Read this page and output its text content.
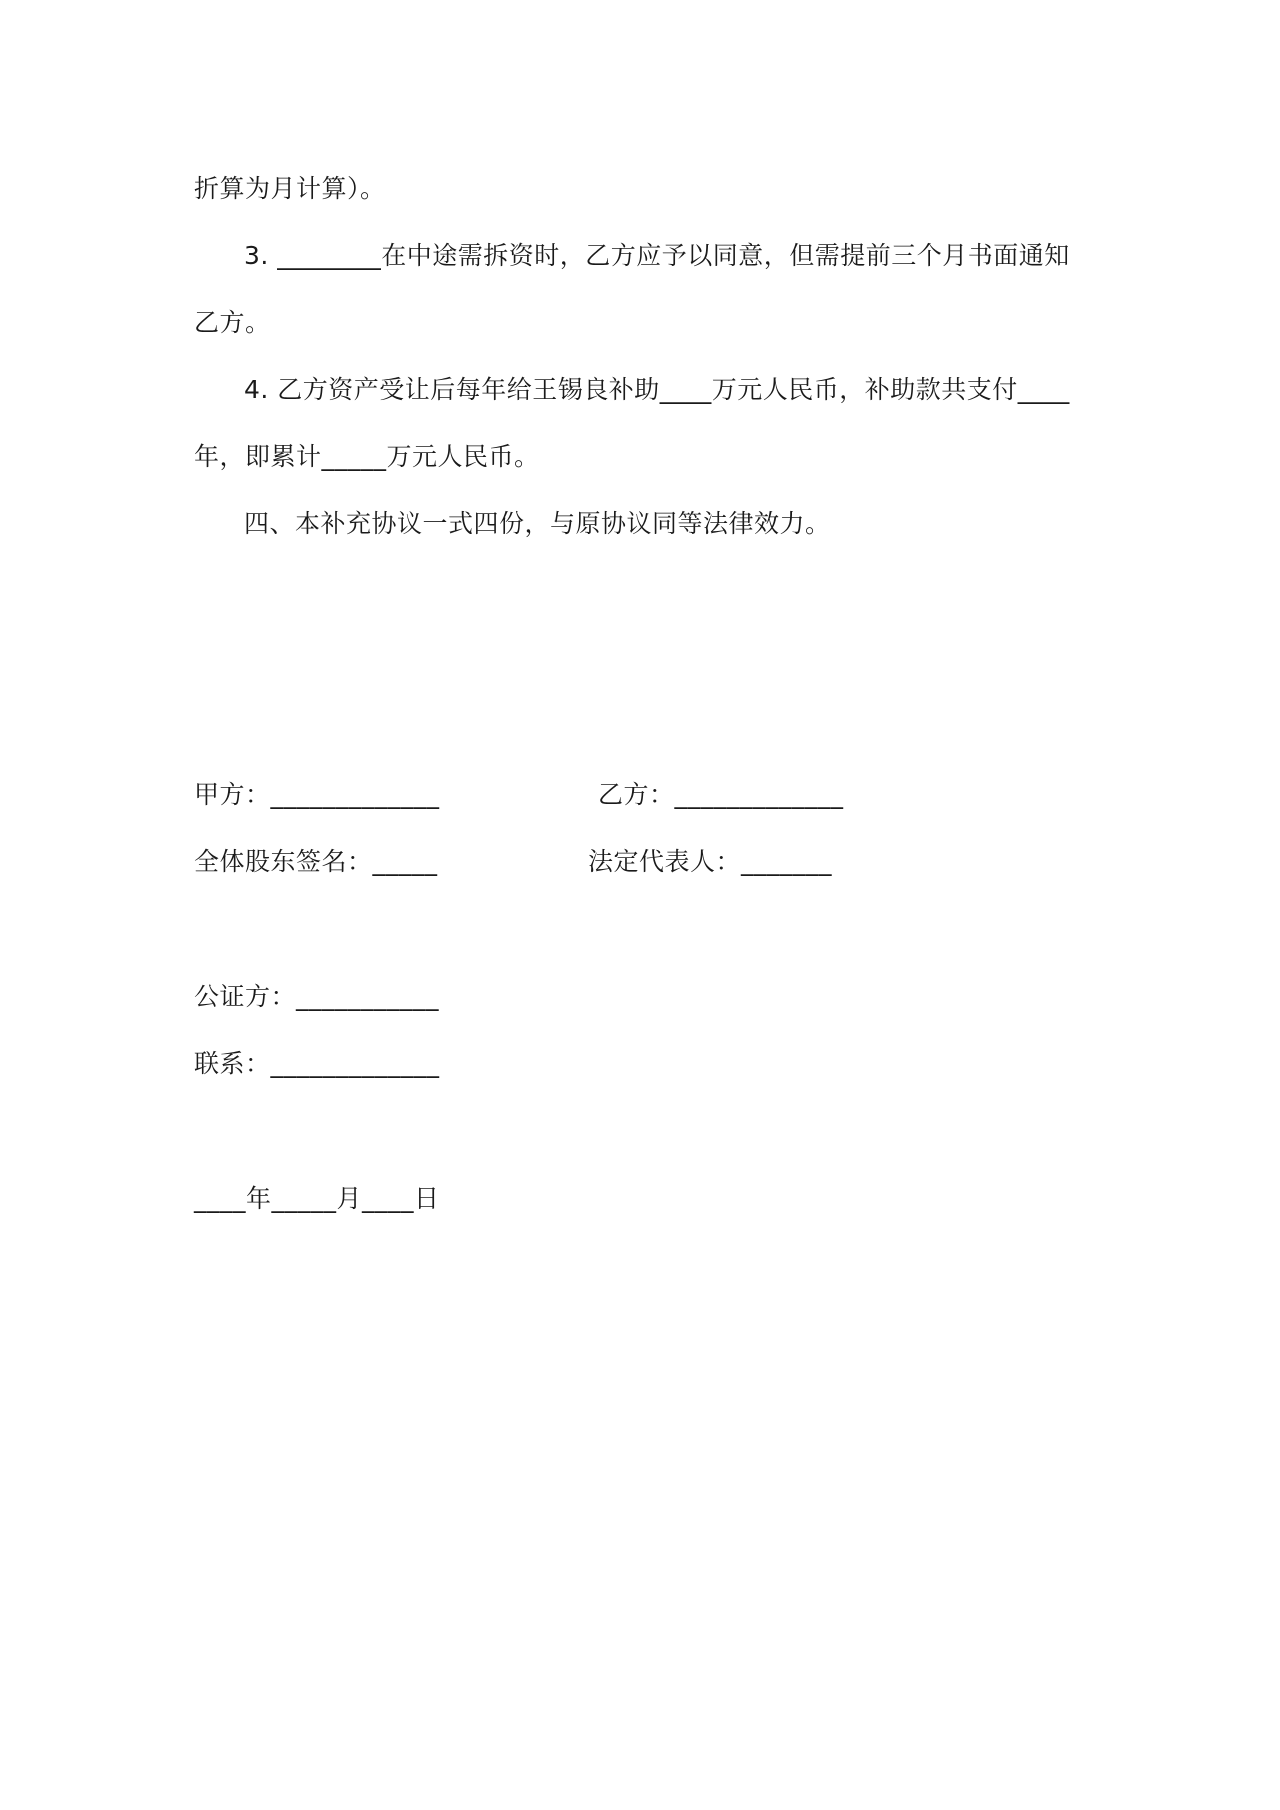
折算为月计算）。
3. ________在中途需拆资时，乙方应予以同意，但需提前三个月书面通知
乙方。
4. 乙方资产受让后每年给王锡良补助____万元人民币，补助款共支付____
年，即累计_____万元人民币。
四、本补充协议一式四份，与原协议同等法律效力。
甲方：_____________	乙方：_____________
全体股东签名：_____	法定代表人：_______
公证方：___________
联系：_____________
____年_____月____日
